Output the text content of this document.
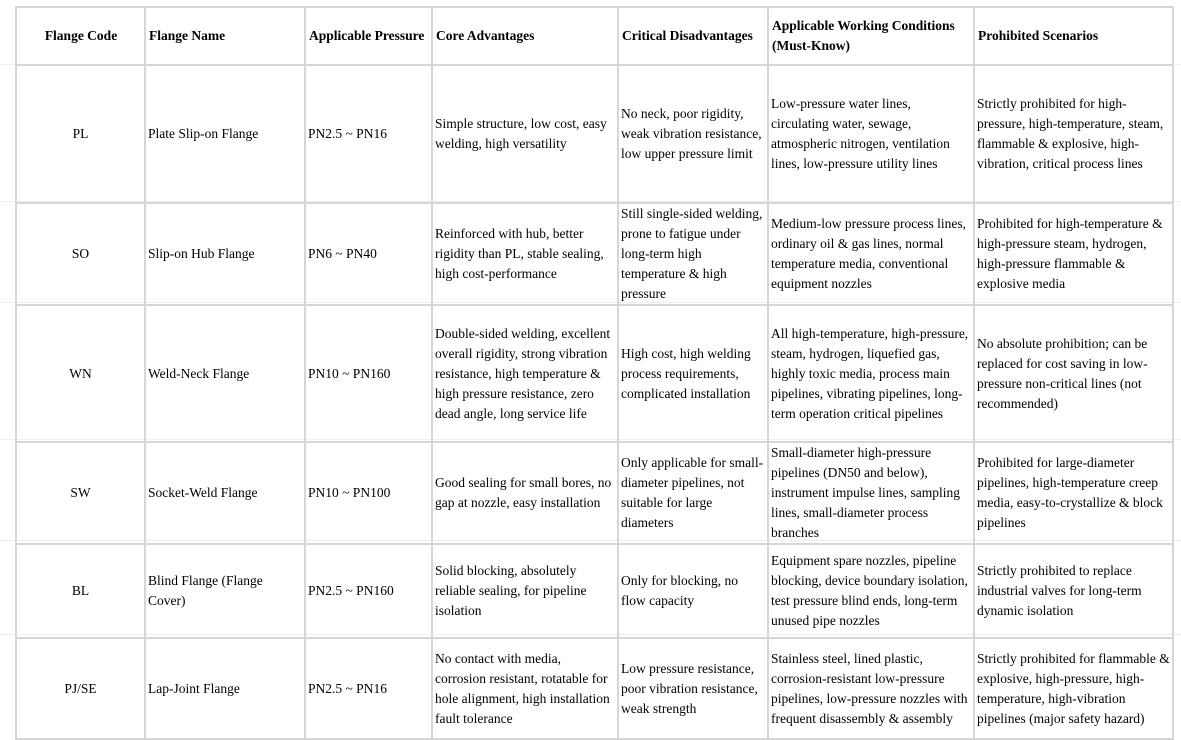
Flange Code	Flange Name	Applicable Pressure	Core Advantages	Critical Disadvantages	Applicable Working Conditions (Must-Know)	Prohibited Scenarios
PL	Plate Slip-on Flange	PN2.5 ~ PN16	Simple structure, low cost, easy welding, high versatility	No neck, poor rigidity, weak vibration resistance, low upper pressure limit	Low-pressure water lines, circulating water, sewage, atmospheric nitrogen, ventilation lines, low-pressure utility lines	Strictly prohibited for high-pressure, high-temperature, steam, flammable & explosive, high-vibration, critical process lines
SO	Slip-on Hub Flange	PN6 ~ PN40	Reinforced with hub, better rigidity than PL, stable sealing, high cost-performance	Still single-sided welding, prone to fatigue under long-term high temperature & high pressure	Medium-low pressure process lines, ordinary oil & gas lines, normal temperature media, conventional equipment nozzles	Prohibited for high-temperature & high-pressure steam, hydrogen, high-pressure flammable & explosive media
WN	Weld-Neck Flange	PN10 ~ PN160	Double-sided welding, excellent overall rigidity, strong vibration resistance, high temperature & high pressure resistance, zero dead angle, long service life	High cost, high welding process requirements, complicated installation	All high-temperature, high-pressure, steam, hydrogen, liquefied gas, highly toxic media, process main pipelines, vibrating pipelines, long-term operation critical pipelines	No absolute prohibition; can be replaced for cost saving in low-pressure non-critical lines (not recommended)
SW	Socket-Weld Flange	PN10 ~ PN100	Good sealing for small bores, no gap at nozzle, easy installation	Only applicable for small-diameter pipelines, not suitable for large diameters	Small-diameter high-pressure pipelines (DN50 and below), instrument impulse lines, sampling lines, small-diameter process branches	Prohibited for large-diameter pipelines, high-temperature creep media, easy-to-crystallize & block pipelines
BL	Blind Flange (Flange Cover)	PN2.5 ~ PN160	Solid blocking, absolutely reliable sealing, for pipeline isolation	Only for blocking, no flow capacity	Equipment spare nozzles, pipeline blocking, device boundary isolation, test pressure blind ends, long-term unused pipe nozzles	Strictly prohibited to replace industrial valves for long-term dynamic isolation
PJ/SE	Lap-Joint Flange	PN2.5 ~ PN16	No contact with media, corrosion resistant, rotatable for hole alignment, high installation fault tolerance	Low pressure resistance, poor vibration resistance, weak strength	Stainless steel, lined plastic, corrosion-resistant low-pressure pipelines, low-pressure nozzles with frequent disassembly & assembly	Strictly prohibited for flammable & explosive, high-pressure, high-temperature, high-vibration pipelines (major safety hazard)
